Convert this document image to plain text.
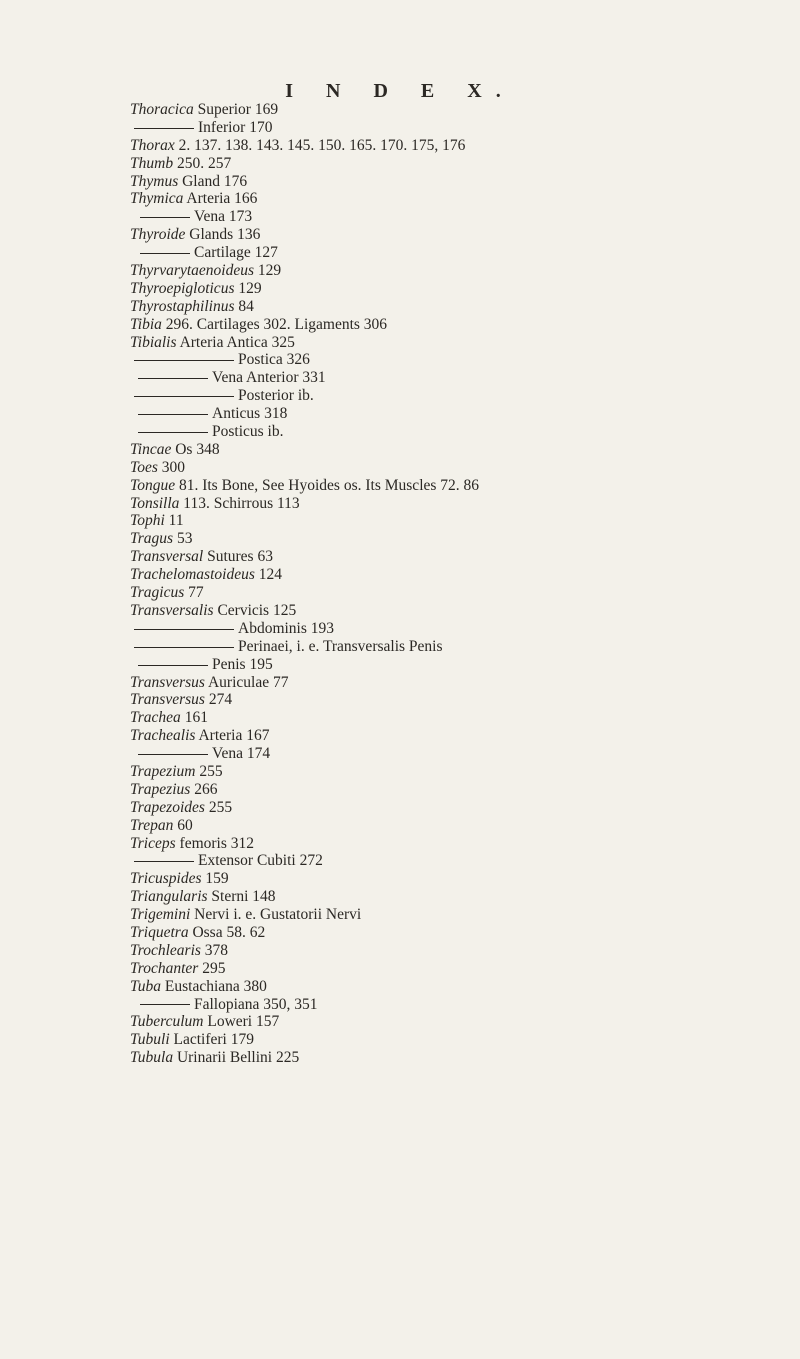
I N D E X.
Thoracica Superior 169
Inferior 170
Thorax 2. 137. 138. 143. 145. 150. 165. 170. 175, 176
Thumb 250. 257
Thymus Gland 176
Thymica Arteria 166
Vena 173
Thyroide Glands 136
Cartilage 127
Thyrvarytaenoideus 129
Thyroepigloticus 129
Thyrostaphilinus 84
Tibia 296. Cartilages 302. Ligaments 306
Tibialis Arteria Antica 325
Postica 326
Vena Anterior 331
Posterior ib.
Anticus 318
Posticus ib.
Tincae Os 348
Toes 300
Tongue 81. Its Bone, See Hyoides os. Its Muscles 72. 86
Tonsilla 113. Schirrous 113
Tophi 11
Tragus 53
Transversal Sutures 63
Trachelomastoideus 124
Tragicus 77
Transversalis Cervicis 125
Abdominis 193
Perinaei, i. e. Transversalis Penis
Penis 195
Transversus Auriculae 77
Transversus 274
Trachea 161
Trachealis Arteria 167
Vena 174
Trapezium 255
Trapezius 266
Trapezoides 255
Trepan 60
Triceps femoris 312
Extensor Cubiti 272
Tricuspides 159
Triangularis Sterni 148
Trigemini Nervi i. e. Gustatorii Nervi
Triquetra Ossa 58. 62
Trochlearis 378
Trochanter 295
Tuba Eustachiana 380
Fallopiana 350, 351
Tuberculum Loweri 157
Tubuli Lactiferi 179
Tubula Urinarii Bellini 225
